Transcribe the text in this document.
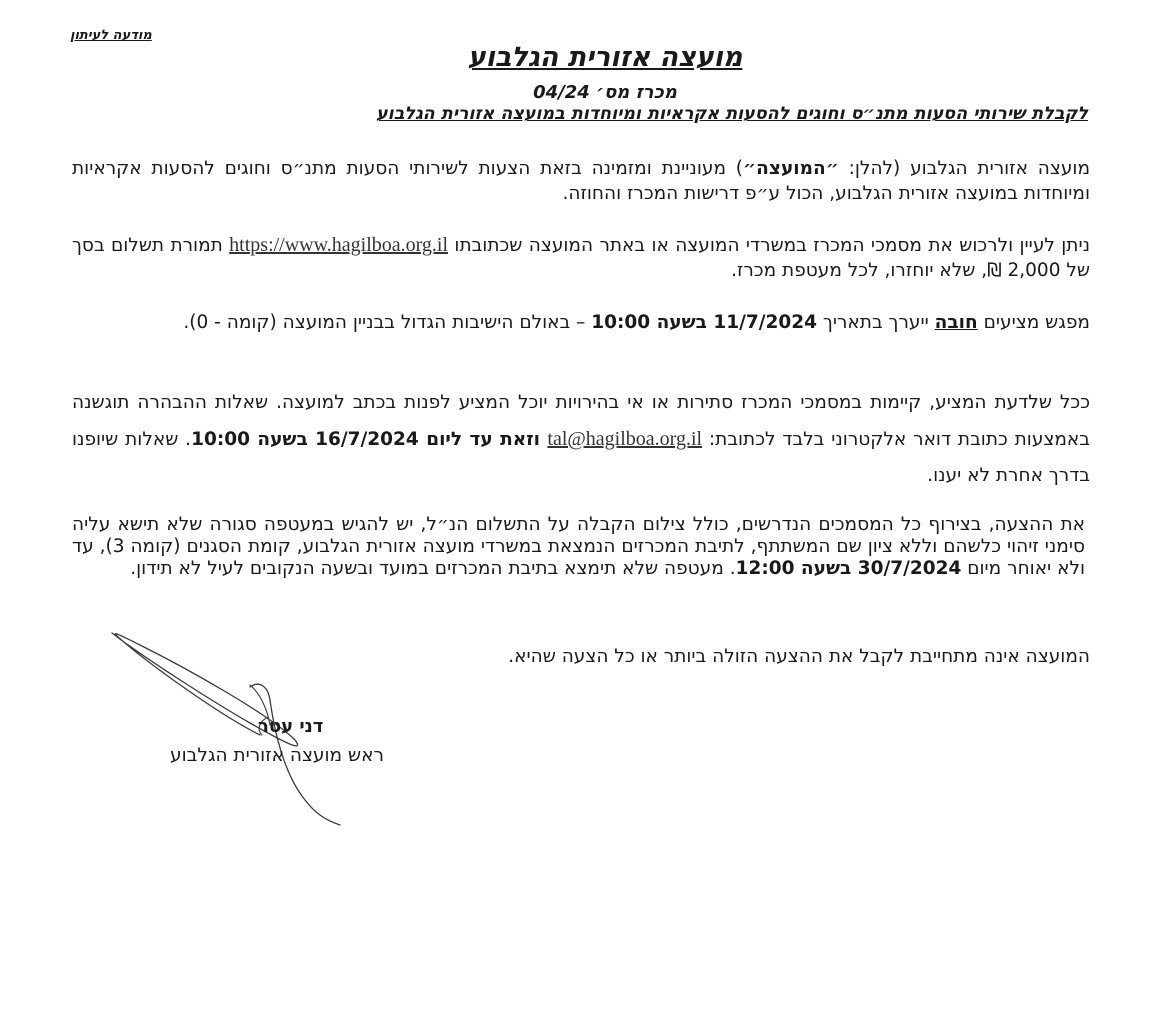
מודעה לעיתון
מועצה אזורית הגלבוע
מכרז מס׳ 04/24
לקבלת שירותי הסעות מתנ״ס וחוגים להסעות אקראיות ומיוחדות במועצה אזורית הגלבוע
מועצה אזורית הגלבוע (להלן: ״המועצה״) מעוניינת ומזמינה בזאת הצעות לשירותי הסעות מתנ״ס וחוגים להסעות אקראיות ומיוחדות במועצה אזורית הגלבוע, הכול ע״פ דרישות המכרז והחוזה.
ניתן לעיין ולרכוש את מסמכי המכרז במשרדי המועצה או באתר המועצה שכתובתו https://www.hagilboa.org.il תמורת תשלום בסך של 2,000 ₪, שלא יוחזרו, לכל מעטפת מכרז.
מפגש מציעים חובה ייערך בתאריך 11/7/2024 בשעה 10:00 – באולם הישיבות הגדול בבניין המועצה (קומה - 0).
ככל שלדעת המציע, קיימות במסמכי המכרז סתירות או אי בהירויות יוכל המציע לפנות בכתב למועצה. שאלות ההבהרה תוגשנה באמצעות כתובת דואר אלקטרוני בלבד לכתובת: tal@hagilboa.org.il וזאת עד ליום 16/7/2024 בשעה 10:00. שאלות שיופנו בדרך אחרת לא יענו.
את ההצעה, בצירוף כל המסמכים הנדרשים, כולל צילום הקבלה על התשלום הנ״ל, יש להגיש במעטפה סגורה שלא תישא עליה סימני זיהוי כלשהם וללא ציון שם המשתתף, לתיבת המכרזים הנמצאת במשרדי מועצה אזורית הגלבוע, קומת הסגנים (קומה 3), עד ולא יאוחר מיום 30/7/2024 בשעה 12:00. מעטפה שלא תימצא בתיבת המכרזים במועד ובשעה הנקובים לעיל לא תידון.
המועצה אינה מתחייבת לקבל את ההצעה הזולה ביותר או כל הצעה שהיא.
דני עטר
ראש מועצה אזורית הגלבוע
